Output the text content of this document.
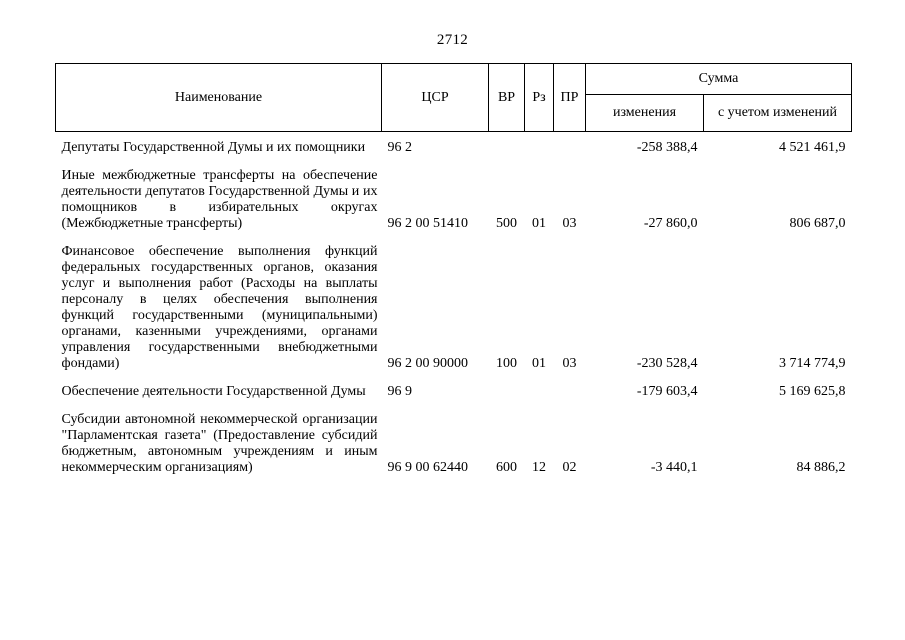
2712
Наименование	ЦСР	ВР	Рз	ПР	Сумма	
					изменения	с учетом изменений

Депутаты Государственной Думы и их помощники	96 2				-258 388,4	4 521 461,9

Иные межбюджетные трансферты на обеспечение деятельности депутатов Государственной Думы и их помощников в избирательных округах (Межбюджетные трансферты)	96 2 00 51410	500	01	03	-27 860,0	806 687,0

Финансовое обеспечение выполнения функций федеральных государственных органов, оказания услуг и выполнения работ (Расходы на выплаты персоналу в целях обеспечения выполнения функций государственными (муниципальными) органами, казенными учреждениями, органами управления государственными внебюджетными фондами)	96 2 00 90000	100	01	03	-230 528,4	3 714 774,9

Обеспечение деятельности Государственной Думы	96 9				-179 603,4	5 169 625,8

Субсидии автономной некоммерческой организации "Парламентская газета" (Предоставление субсидий бюджетным, автономным учреждениям и иным некоммерческим организациям)	96 9 00 62440	600	12	02	-3 440,1	84 886,2
